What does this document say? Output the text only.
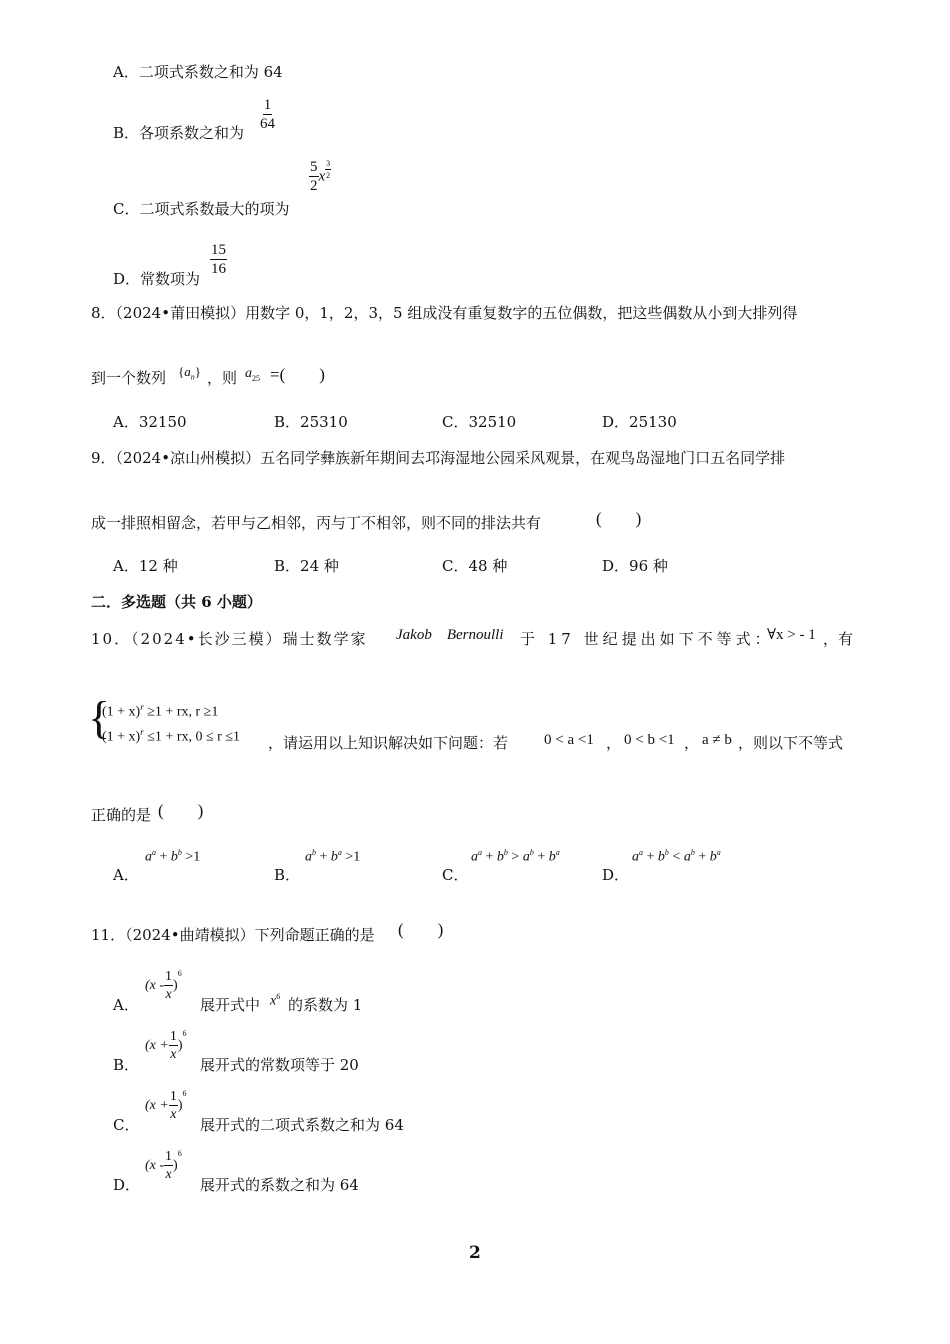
A．二项式系数之和为 64
B．各项系数之和为
$\frac{1}{64}$
C．二项式系数最大的项为
$\frac{5}{2}$ x $\frac{3}{2}$
D．常数项为
$\frac{15}{16}$
8．（2024•莆田模拟）用数字 0，1，2，3，5 组成没有重复数字的五位偶数，把这些偶数从小到大排列得
到一个数列 $\{a_n\}$ ，则 $a_{25}$ =(  )
A．32150	B．25310	C．32510	D．25130
9．（2024•凉山州模拟）五名同学彝族新年期间去邛海湿地公园采风观景，在观鸟岛湿地门口五名同学排
成一排照相留念，若甲与乙相邻，丙与丁不相邻，则不同的排法共有	(  )
A．12 种	B．24 种	C．48 种	D．96 种
二．多选题（共 6 小题）
10．（2024•长沙三模）瑞士数学家 Jakob Bernoulli 于 17 世纪提出如下不等式：
∀x > - 1 ，有
{
$(1 + x)^r \ge 1$ + rx, r ≥1
$(1 + x)^r \le 1$ + rx, 0 ≤ r ≤1 ，请运用以上知识解决如下问题：若 0 < a <1 ， 0 < b <1 ， a ≠ b ，则以下不等式
正确的是 (  )
A．
$a^a + b^b >1$
B．
$a^b + b^a >1$
C．
$a^a + b^b > a^b + b^a$
D．
$a^a + b^b < a^b + b^a$
11．（2024•曲靖模拟）下列命题正确的是 (  )
A．
$(x - \frac{1}{x} )^6$
展开式中 $x^6$ 的系数为 1
B．
$(x + \frac{1}{x} )^6$
展开式的常数项等于 20
C．
$(x + \frac{1}{x} )^6$
展开式的二项式系数之和为 64
D．
$(x - \frac{1}{x} )^6$
展开式的系数之和为 64
2
